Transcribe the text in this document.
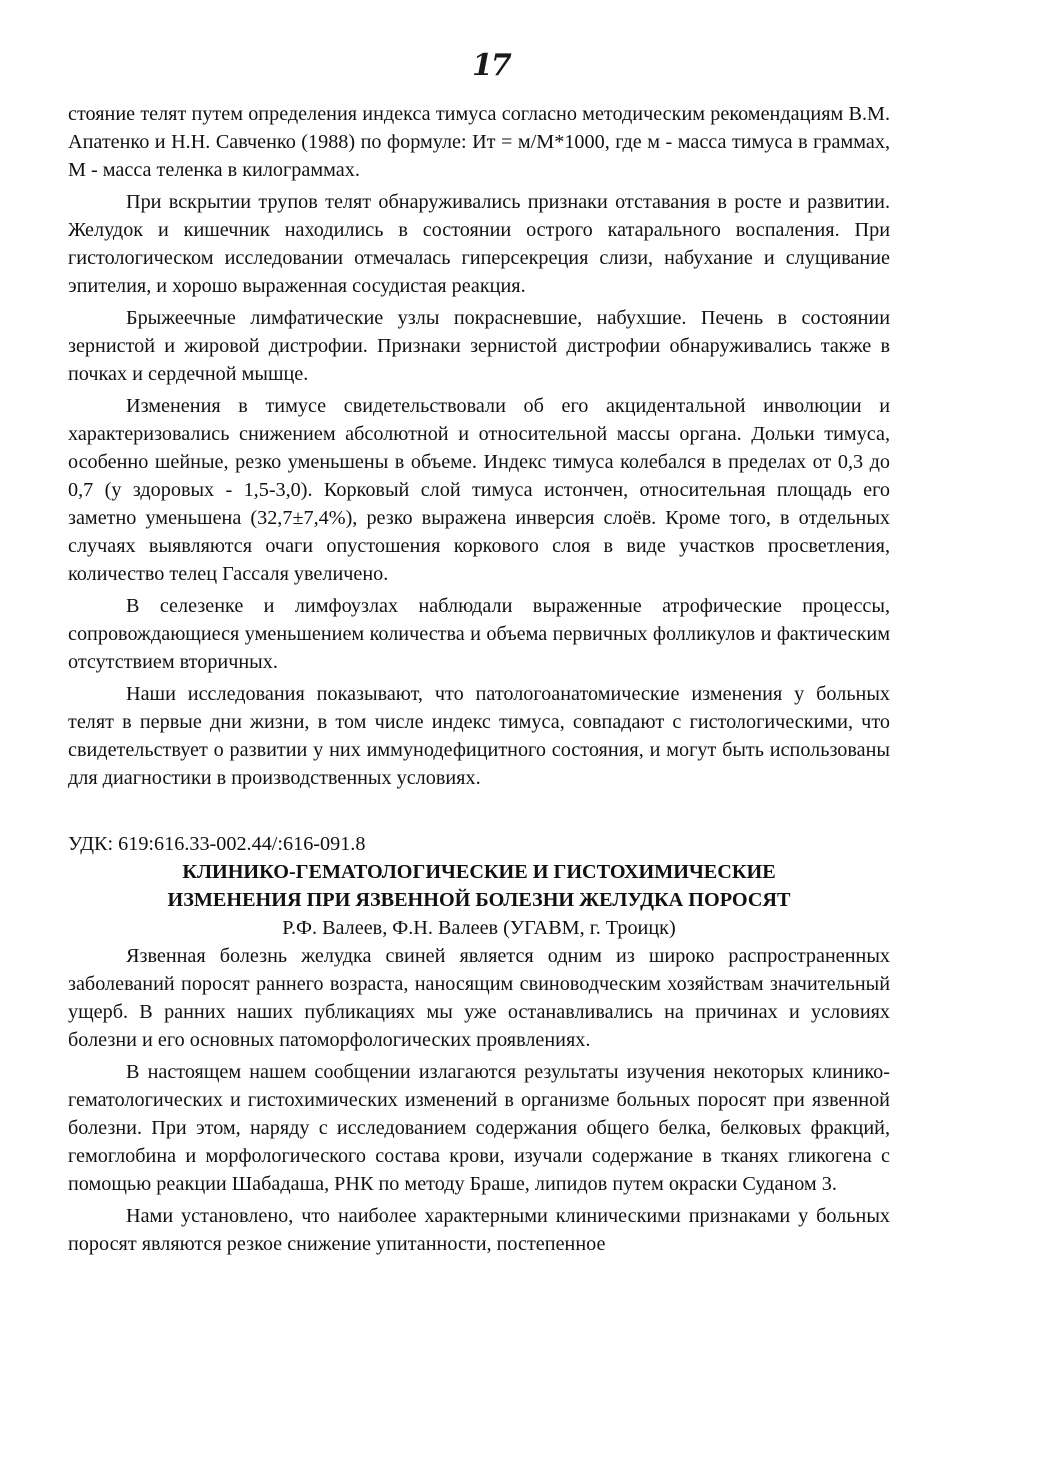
17

стояние телят путем определения индекса тимуса согласно методическим рекомендациям В.М. Апатенко и Н.Н. Савченко (1988) по формуле: Ит = м/М*1000, где м - масса тимуса в граммах, М - масса теленка в килограммах.

При вскрытии трупов телят обнаруживались признаки отставания в росте и развитии. Желудок и кишечник находились в состоянии острого катарального воспаления. При гистологическом исследовании отмечалась гиперсекреция слизи, набухание и слущивание эпителия, и хорошо выраженная сосудистая реакция.

Брыжеечные лимфатические узлы покрасневшие, набухшие. Печень в состоянии зернистой и жировой дистрофии. Признаки зернистой дистрофии обнаруживались также в почках и сердечной мышце.

Изменения в тимусе свидетельствовали об его акцидентальной инволюции и характеризовались снижением абсолютной и относительной массы органа. Дольки тимуса, особенно шейные, резко уменьшены в объеме. Индекс тимуса колебался в пределах от 0,3 до 0,7 (у здоровых - 1,5-3,0). Корковый слой тимуса истончен, относительная площадь его заметно уменьшена (32,7±7,4%), резко выражена инверсия слоёв. Кроме того, в отдельных случаях выявляются очаги опустошения коркового слоя в виде участков просветления, количество телец Гассаля увеличено.

В селезенке и лимфоузлах наблюдали выраженные атрофические процессы, сопровождающиеся уменьшением количества и объема первичных фолликулов и фактическим отсутствием вторичных.

Наши исследования показывают, что патологоанатомические изменения у больных телят в первые дни жизни, в том числе индекс тимуса, совпадают с гистологическими, что свидетельствует о развитии у них иммунодефицитного состояния, и могут быть использованы для диагностики в производственных условиях.

УДК: 619:616.33-002.44/:616-091.8

КЛИНИКО-ГЕМАТОЛОГИЧЕСКИЕ И ГИСТОХИМИЧЕСКИЕ

ИЗМЕНЕНИЯ ПРИ ЯЗВЕННОЙ БОЛЕЗНИ ЖЕЛУДКА ПОРОСЯТ

Р.Ф. Валеев, Ф.Н. Валеев (УГАВМ, г. Троицк)

Язвенная болезнь желудка свиней является одним из широко распространенных заболеваний поросят раннего возраста, наносящим свиноводческим хозяйствам значительный ущерб. В ранних наших публикациях мы уже останавливались на причинах и условиях болезни и его основных патоморфологических проявлениях.

В настоящем нашем сообщении излагаются результаты изучения некоторых клинико-гематологических и гистохимических изменений в организме больных поросят при язвенной болезни. При этом, наряду с исследованием содержания общего белка, белковых фракций, гемоглобина и морфологического состава крови, изучали содержание в тканях гликогена с помощью реакции Шабадаша, РНК по методу Браше, липидов путем окраски Суданом 3.

Нами установлено, что наиболее характерными клиническими признаками у больных поросят являются резкое снижение упитанности, постепенное
